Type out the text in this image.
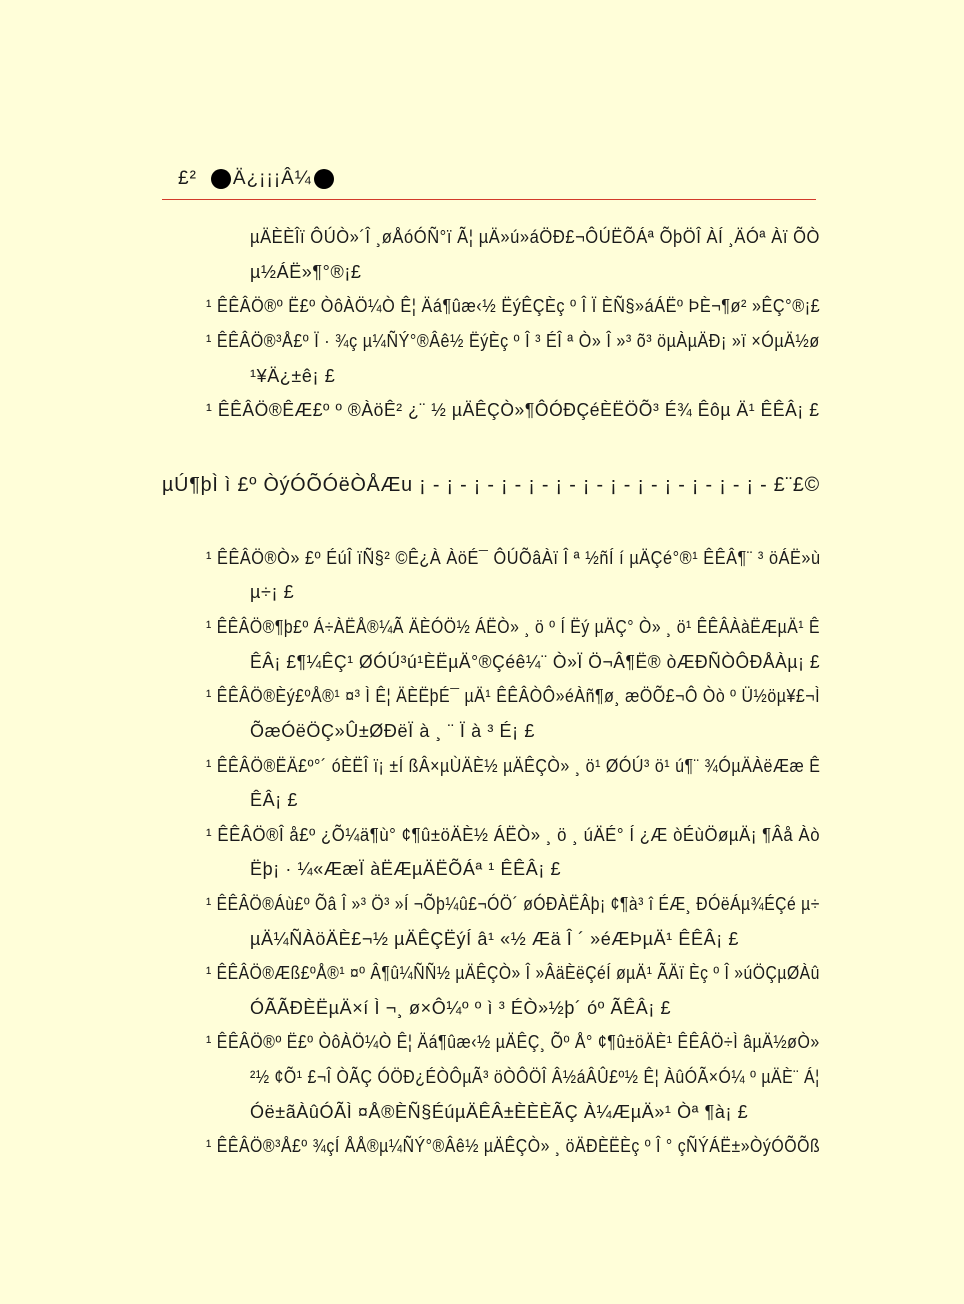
£² Ä¿¡¡¡Â¼
µÄÈÈÎï ÔÚÒ»´Î ¸øÅóÓÑ°ï Ã¦ µÄ»ú»áÖÐ£¬ÔÚËÕÁª ÕþÖÎ ÀÍ ¸ÄÓª Àï ÕÒ
µ½ÁË»¶°®¡£
¹ ÊÊÂÖ®º Ë£º ÒôÀÖ¼Ò Ê¦ Äá¶ûæ‹½ ËýÊÇÈç º Î Ï ÈÑ§»áÁËº ÞÈ¬¶ø² »ÊÇ°®¡£
¹ ÊÊÂÖ®³Å£º Ï · ¾ç µ¼ÑÝ°®Âê½ ËýÈç º Î ³ ÉÎ ª Ò» Î »³ õ³ öµÀµÄÐ¡ »ï ×ÓµÄ½ø
¹¥Ä¿±ê¡ £
¹ ÊÊÂÖ®ÊÆ£º º ®ÀöÊ² ¿¨ ½ µÄÊÇÒ»¶ÔÓÐÇéÈËÖÕ³ É¾ Êôµ Ä¹ ÊÊÂ¡ £
µÚ¶þÌ ì £º ÒýÓÕÓëÒÅÆu ¡ - ¡ - ¡ - ¡ - ¡ - ¡ - ¡ - ¡ - ¡ - ¡ - ¡ - ¡ - ¡ - £¨£©
¹ ÊÊÂÖ®Ò» £º ÉúÎ ïÑ§² ©Ê¿À ÀöÉ¯ ÔÚÕâÀï Î ª ½ñÍ í µÄÇé°®¹ ÊÊÂ¶¨ ³ öÁË»ù
µ÷¡ £
¹ ÊÊÂÖ®¶þ£º Á÷ÀËÅ®¼Ã ÄÈÓÖ½ ÁËÒ» ¸ ö º Í Ëý µÄÇ° Ò» ¸ ö¹ ÊÊÂÀàËÆµÄ¹ Ê
ÊÂ¡ £¶¼ÊÇ¹ ØÓÚ³ú¹ÈËµÄ°®Çéê¼¨ Ò»Ï Ö¬Â¶Ë® òÆÐÑÒÔÐÅÀµ¡ £
¹ ÊÊÂÖ®Èý£ºÅ®¹ ¤³ Ì Ê¦ ÄÈËþÉ¯ µÄ¹ ÊÊÂÒÔ»éÀñ¶ø¸ æÖÕ£¬Ô Òò º Ü½öµ¥£¬Ì
ÕæÓëÖÇ»Û±ØÐëÏ à ¸ ¨ Ï à ³ É¡ £
¹ ÊÊÂÖ®ËÄ£º°´ óÈËÎ ï¡ ±Í ßÂ×µÙÄÈ½ µÄÊÇÒ» ¸ ö¹ ØÓÚ³ ö¹ ú¶¨ ¾ÓµÄÀëÆæ Ê
ÊÂ¡ £
¹ ÊÊÂÖ®Î å£º ¿Õ¼ä¶ù° ¢¶û±öÄÈ½ ÁËÒ» ¸ ö ¸ úÄÉ° Í ¿Æ òÉùÖøµÄ¡ ¶Âå Àò
Ëþ¡ · ¼«ÆæÏ àËÆµÄËÕÁª ¹ ÊÊÂ¡ £
¹ ÊÊÂÖ®Áù£º Õâ Î »³ Ö³ »Í ¬Õþ¼û£¬ÓÖ´ øÓÐÀËÂþ¡ ¢¶à³ î ÉÆ¸ ÐÓëÁµ¾ÉÇé µ÷
µÄ¼ÑÀöÄÈ£¬½ µÄÊÇËýÍ â¹ «½ Æä Î ´ »éÆÞµÄ¹ ÊÊÂ¡ £
¹ ÊÊÂÖ®Æß£ºÅ®¹ ¤º Â¶û¼ÑÑ½ µÄÊÇÒ» Î »ÂäÈëÇéÍ øµÄ¹ ÃÄï Èç º Î »úÖÇµØÀû
ÓÃÃÐÈËµÄ×í Ì ¬¸ ø×Ô¼º º ì ³ ÉÒ»½þ´ óº ÃÊÂ¡ £
¹ ÊÊÂÖ®º Ë£º ÒôÀÖ¼Ò Ê¦ Äá¶ûæ‹½ µÄÊÇ¸ Õº Å° ¢¶û±öÄÈ¹ ÊÊÂÖ÷Ì âµÄ½øÒ»
²½ ¢Õ¹ £¬Î ÒÃÇ ÓÖÐ¿ÉÒÔµÃ³ öÒÔÖÎ Â½áÂÛ£º½ Ê¦ ÀûÓÃ×Ó¼ º µÄÈ¨ Á¦
Óë±ãÀûÓÃÌ ¤Å®ÈÑ§ÉúµÄÊÂ±ÈÈÈÃÇ À¼ÆµÄ»¹ Òª ¶à¡ £
¹ ÊÊÂÖ®³Å£º ¾çÍ ÅÅ®µ¼ÑÝ°®Âê½ µÄÊÇÒ» ¸ öÄÐÈËÈç º Î ° çÑÝÁË±»ÒýÓÕÕß
